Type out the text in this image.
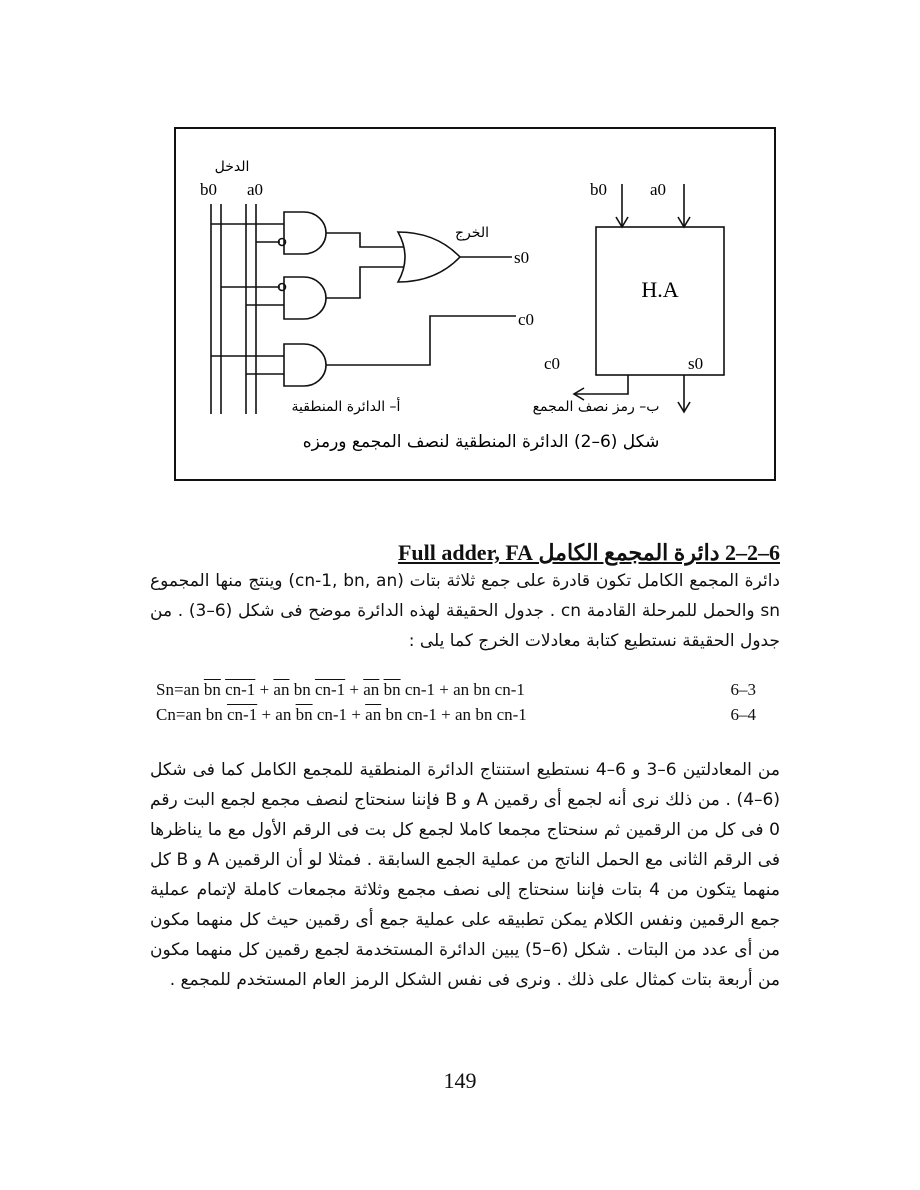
الدخل
b0 a0
الخرج
s0
c0
b0	a0
H.A
c0	s0
أ– الدائرة المنطقية	ب– رمز نصف المجمع
شكل (6–2) الدائرة المنطقية لنصف المجمع ورمزه
6–2–2 دائرة المجمع الكامل Full adder, FA
دائرة المجمع الكامل تكون قادرة على جمع ثلاثة بتات (cn-1, bn, an) وينتج منها المجموع sn والحمل للمرحلة القادمة cn . جدول الحقيقة لهذه الدائرة موضح فى شكل (6–3) . من جدول الحقيقة نستطيع كتابة معادلات الخرج كما يلى :
Sn=an $\overline{bn}$ $cn-1 + \overline{an}$ bn $cn-1 + \overline{an}$ $\overline{bn}$ cn-1 + an bn cn-1	6–3
Cn=an bn cn-1 + an $\overline{bn}$ $cn-1 + \overline{an}$ bn cn-1 + an bn cn-1	6–4
من المعادلتين 6–3 و 6–4 نستطيع استنتاج الدائرة المنطقية للمجمع الكامل كما فى شكل (6–4) . من ذلك نرى أنه لجمع أى رقمين A و B فإننا سنحتاج لنصف مجمع لجمع البت رقم 0 فى كل من الرقمين ثم سنحتاج مجمعا كاملا لجمع كل بت فى الرقم الأول مع ما يناظرها فى الرقم الثانى مع الحمل الناتج من عملية الجمع السابقة . فمثلا لو أن الرقمين A و B كل منهما يتكون من 4 بتات فإننا سنحتاج إلى نصف مجمع وثلاثة مجمعات كاملة لإتمام عملية جمع الرقمين ونفس الكلام يمكن تطبيقه على عملية جمع أى رقمين حيث كل منهما مكون من أى عدد من البتات . شكل (6–5) يبين الدائرة المستخدمة لجمع رقمين كل منهما مكون من أربعة بتات كمثال على ذلك . ونرى فى نفس الشكل الرمز العام المستخدم للمجمع .
149
